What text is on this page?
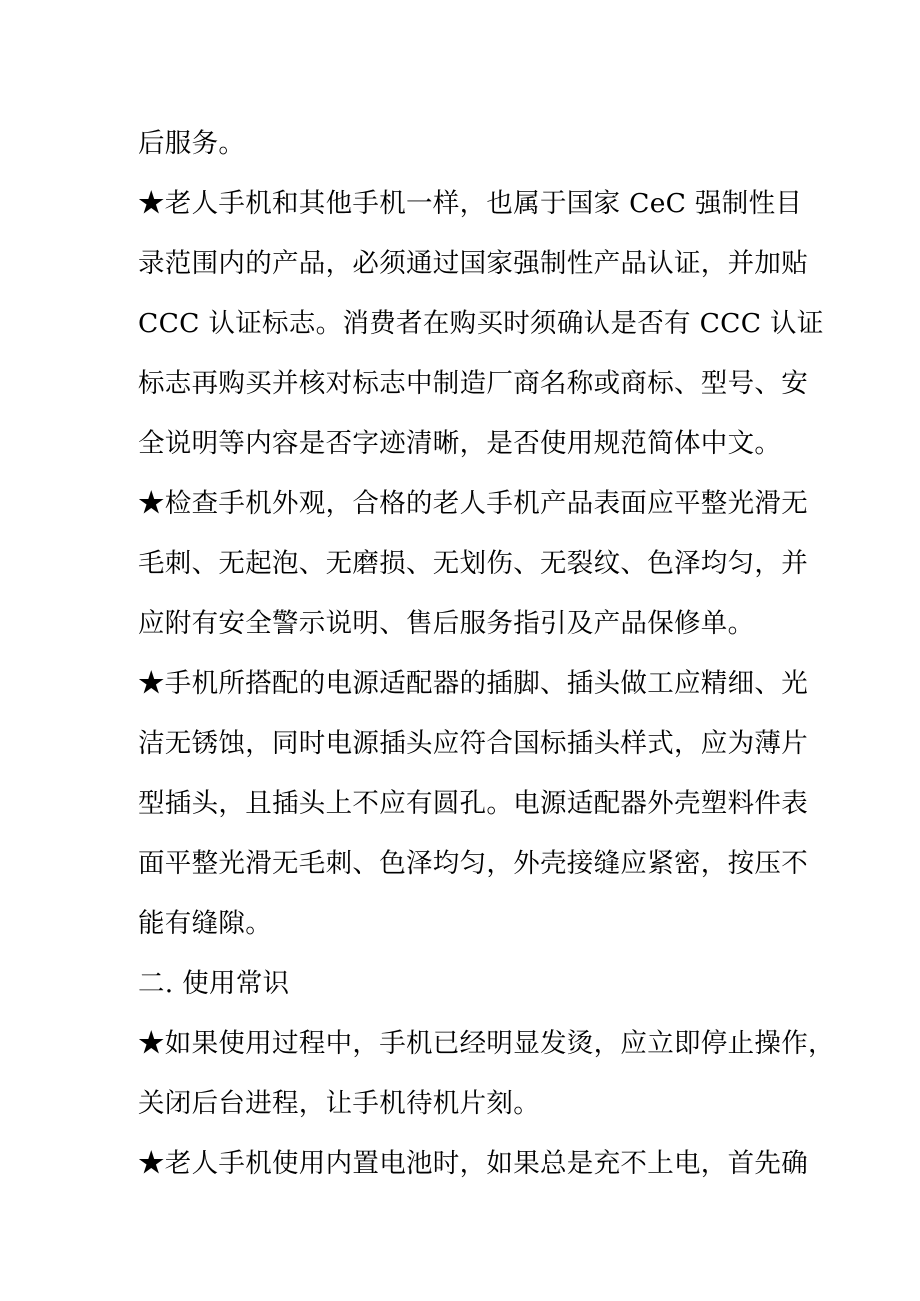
后服务。
★老人手机和其他手机一样，也属于国家 CeC 强制性目
录范围内的产品，必须通过国家强制性产品认证，并加贴
CCC 认证标志。消费者在购买时须确认是否有 CCC 认证
标志再购买并核对标志中制造厂商名称或商标、型号、安
全说明等内容是否字迹清晰，是否使用规范简体中文。
★检查手机外观，合格的老人手机产品表面应平整光滑无
毛刺、无起泡、无磨损、无划伤、无裂纹、色泽均匀，并
应附有安全警示说明、售后服务指引及产品保修单。
★手机所搭配的电源适配器的插脚、插头做工应精细、光
洁无锈蚀，同时电源插头应符合国标插头样式，应为薄片
型插头，且插头上不应有圆孔。电源适配器外壳塑料件表
面平整光滑无毛刺、色泽均匀，外壳接缝应紧密，按压不
能有缝隙。
二. 使用常识
★如果使用过程中，手机已经明显发烫，应立即停止操作，
关闭后台进程，让手机待机片刻。
★老人手机使用内置电池时，如果总是充不上电，首先确
